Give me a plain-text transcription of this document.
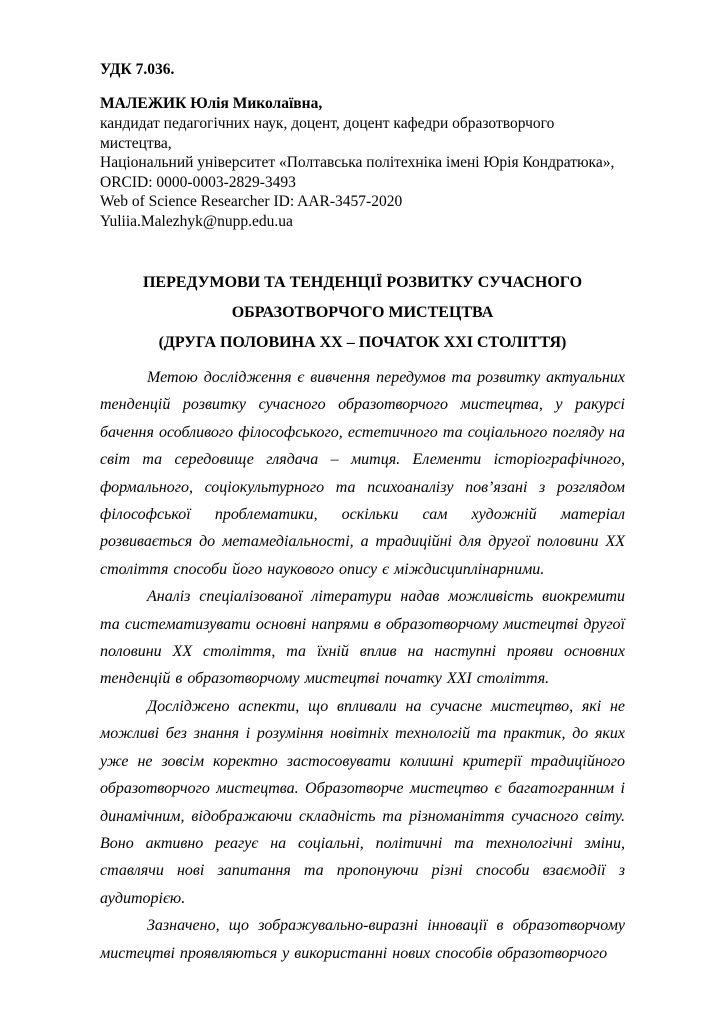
УДК 7.036.

МАЛЕЖИК Юлія Миколаївна,

кандидат педагогічних наук, доцент, доцент кафедри образотворчого мистецтва,

Національний університет «Полтавська політехніка імені Юрія Кондратюка»,

ORCID: 0000-0003-2829-3493

Web of Science Researcher ID: AAR-3457-2020

Yuliia.Malezhyk@nupp.edu.ua

ПЕРЕДУМОВИ ТА ТЕНДЕНЦІЇ РОЗВИТКУ СУЧАСНОГО

ОБРАЗОТВОРЧОГО МИСТЕЦТВА

(ДРУГА ПОЛОВИНА XX – ПОЧАТОК XXI СТОЛІТТЯ)

Метою дослідження є вивчення передумов та розвитку актуальних тенденцій розвитку сучасного образотворчого мистецтва, у ракурсі бачення особливого філософського, естетичного та соціального погляду на світ та середовище глядача – митця. Елементи історіографічного, формального, соціокультурного та психоаналізу пов’язані з розглядом філософської проблематики, оскільки сам художній матеріал розвивається до метамедіальності, а традиційні для другої половини XX століття способи його наукового опису є міждисциплінарними.

Аналіз спеціалізованої літератури надав можливість виокремити та систематизувати основні напрями в образотворчому мистецтві другої половини XX століття, та їхній вплив на наступні прояви основних тенденцій в образотворчому мистецтві початку XXI століття.

Досліджено аспекти, що впливали на сучасне мистецтво, які не можливі без знання і розуміння новітніх технологій та практик, до яких уже не зовсім коректно застосовувати колишні критерії традиційного образотворчого мистецтва. Образотворче мистецтво є багатогранним і динамічним, відображаючи складність та різноманіття сучасного світу. Воно активно реагує на соціальні, політичні та технологічні зміни, ставлячи нові запитання та пропонуючи різні способи взаємодії з аудиторією.

Зазначено, що зображувально-виразні інновації в образотворчому мистецтві проявляються у використанні нових способів образотворчого
